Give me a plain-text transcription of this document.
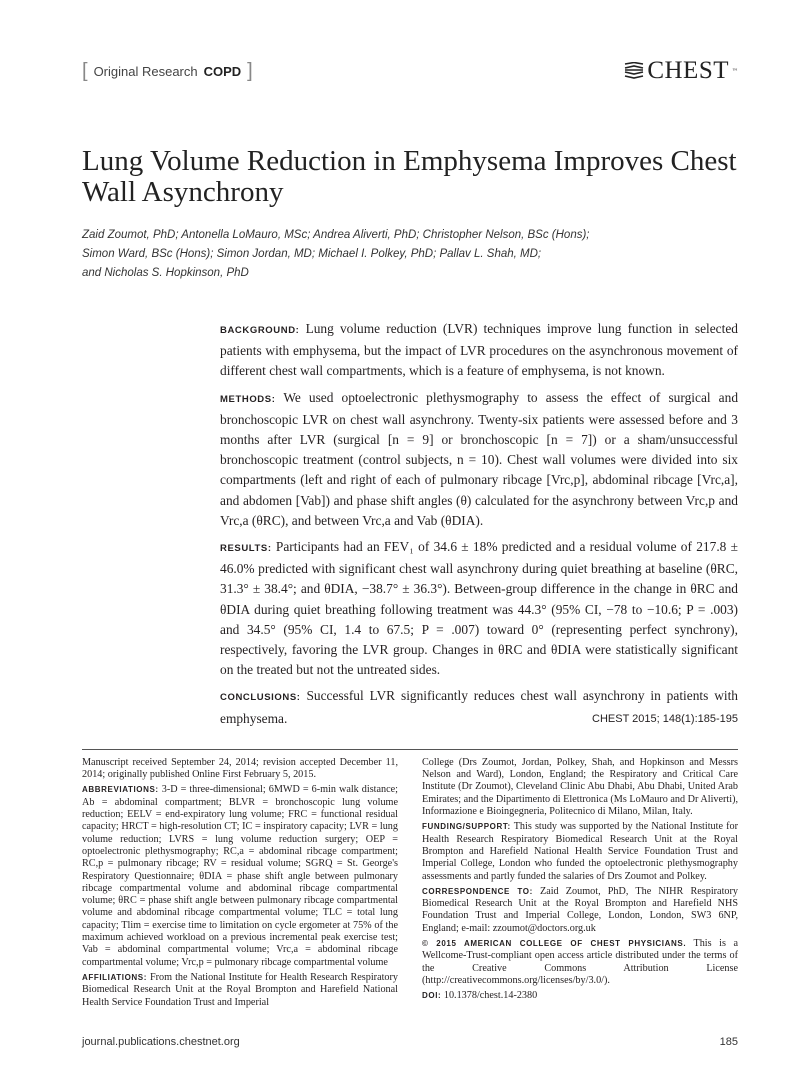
[ Original Research COPD ]	CHEST ™
Lung Volume Reduction in Emphysema Improves Chest Wall Asynchrony
Zaid Zoumot, PhD; Antonella LoMauro, MSc; Andrea Aliverti, PhD; Christopher Nelson, BSc (Hons);
Simon Ward, BSc (Hons); Simon Jordan, MD; Michael I. Polkey, PhD; Pallav L. Shah, MD;
and Nicholas S. Hopkinson, PhD

BACKGROUND: Lung volume reduction (LVR) techniques improve lung function in selected patients with emphysema, but the impact of LVR procedures on the asynchronous movement of different chest wall compartments, which is a feature of emphysema, is not known.

METHODS: We used optoelectronic plethysmography to assess the effect of surgical and bronchoscopic LVR on chest wall asynchrony. Twenty-six patients were assessed before and 3 months after LVR (surgical [n = 9] or bronchoscopic [n = 7]) or a sham/unsuccessful bronchoscopic treatment (control subjects, n = 10). Chest wall volumes were divided into six compartments (left and right of each of pulmonary ribcage [Vrc,p], abdominal ribcage [Vrc,a], and abdomen [Vab]) and phase shift angles (θ) calculated for the asynchrony between Vrc,p and Vrc,a (θRC), and between Vrc,a and Vab (θDIA).

RESULTS: Participants had an FEV₁ of 34.6 ± 18% predicted and a residual volume of 217.8 ± 46.0% predicted with significant chest wall asynchrony during quiet breathing at baseline (θRC, 31.3° ± 38.4°; and θDIA, −38.7° ± 36.3°). Between-group difference in the change in θRC and θDIA during quiet breathing following treatment was 44.3° (95% CI, −78 to −10.6; P = .003) and 34.5° (95% CI, 1.4 to 67.5; P = .007) toward 0° (representing perfect synchrony), respectively, favoring the LVR group. Changes in θRC and θDIA were statistically significant on the treated but not the untreated sides.

CONCLUSIONS: Successful LVR significantly reduces chest wall asynchrony in patients with emphysema.	CHEST 2015; 148(1):185-195

Manuscript received September 24, 2014; revision accepted December 11, 2014; originally published Online First February 5, 2015.

ABBREVIATIONS: 3-D = three-dimensional; 6MWD = 6-min walk distance; Ab = abdominal compartment; BLVR = bronchoscopic lung volume reduction; EELV = end-expiratory lung volume; FRC = functional residual capacity; HRCT = high-resolution CT; IC = inspiratory capacity; LVR = lung volume reduction; LVRS = lung volume reduction surgery; OEP = optoelectronic plethysmography; RC,a = abdominal ribcage compartment; RC,p = pulmonary ribcage; RV = residual volume; SGRQ = St. George's Respiratory Questionnaire; θDIA = phase shift angle between pulmonary ribcage compartmental volume and abdominal ribcage compartmental volume; θRC = phase shift angle between pulmonary ribcage compartmental volume and abdominal ribcage compartmental volume; TLC = total lung capacity; Tlim = exercise time to limitation on cycle ergometer at 75% of the maximum achieved workload on a previous incremental peak exercise test; Vab = abdominal compartmental volume; Vrc,a = abdominal ribcage compartmental volume; Vrc,p = pulmonary ribcage compartmental volume

AFFILIATIONS: From the National Institute for Health Research Respiratory Biomedical Research Unit at the Royal Brompton and Harefield National Health Service Foundation Trust and Imperial

College (Drs Zoumot, Jordan, Polkey, Shah, and Hopkinson and Messrs Nelson and Ward), London, England; the Respiratory and Critical Care Institute (Dr Zoumot), Cleveland Clinic Abu Dhabi, Abu Dhabi, United Arab Emirates; and the Dipartimento di Elettronica (Ms LoMauro and Dr Aliverti), Informazione e Bioingegneria, Politecnico di Milano, Milan, Italy.

FUNDING/SUPPORT: This study was supported by the National Institute for Health Research Respiratory Biomedical Research Unit at the Royal Brompton and Harefield National Health Service Foundation Trust and Imperial College, London who funded the optoelectronic plethysmography assessments and partly funded the salaries of Drs Zoumot and Polkey.

CORRESPONDENCE TO: Zaid Zoumot, PhD, The NIHR Respiratory Biomedical Research Unit at the Royal Brompton and Harefield NHS Foundation Trust and Imperial College, London, London, SW3 6NP, England; e-mail: zzoumot@doctors.org.uk

© 2015 AMERICAN COLLEGE OF CHEST PHYSICIANS. This is a Wellcome-Trust-compliant open access article distributed under the terms of the Creative Commons Attribution License (http://creativecommons.org/licenses/by/3.0/).

DOI: 10.1378/chest.14-2380

journal.publications.chestnet.org	185
